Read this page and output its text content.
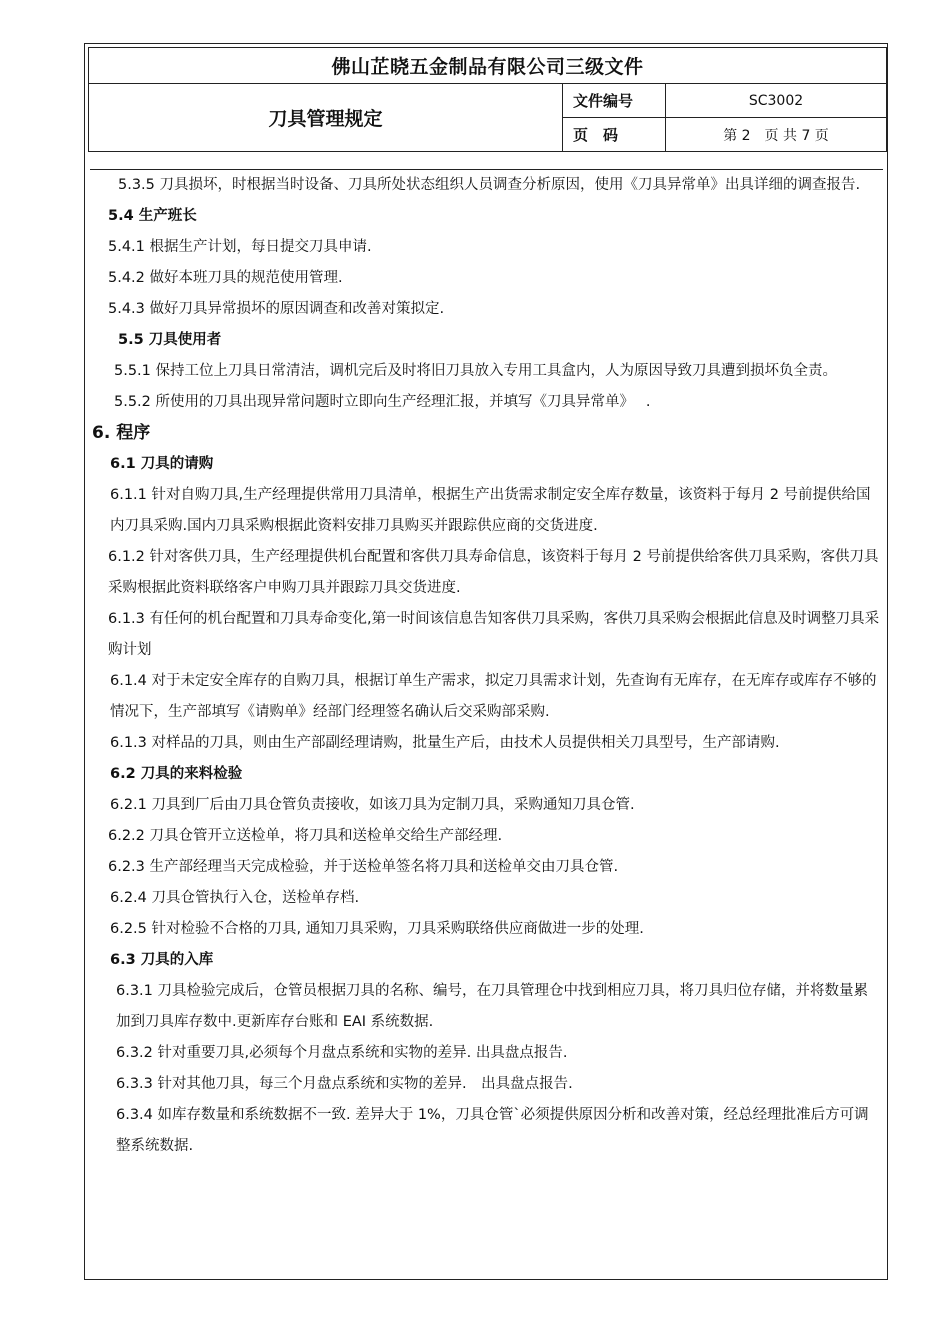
佛山芷晓五金制品有限公司三级文件		
刀具管理规定	文件编号	SC3002
	页　码	第 2　页 共 7 页

5.3.5 刀具损坏，时根据当时设备、刀具所处状态组织人员调查分析原因，使用《刀具异常单》出具详细的调查报告.

5.4 生产班长

5.4.1 根据生产计划，每日提交刀具申请.

5.4.2 做好本班刀具的规范使用管理.

5.4.3 做好刀具异常损坏的原因调查和改善对策拟定.

5.5 刀具使用者

5.5.1 保持工位上刀具日常清洁，调机完后及时将旧刀具放入专用工具盒内，人为原因导致刀具遭到损坏负全责。

5.5.2 所使用的刀具出现异常问题时立即向生产经理汇报，并填写《刀具异常单》　 .

6. 程序

6.1 刀具的请购

6.1.1 针对自购刀具,生产经理提供常用刀具清单，根据生产出货需求制定安全库存数量，该资料于每月 2 号前提供给国内刀具采购.国内刀具采购根据此资料安排刀具购买并跟踪供应商的交货进度.

6.1.2 针对客供刀具，生产经理提供机台配置和客供刀具寿命信息，该资料于每月 2 号前提供给客供刀具采购，客供刀具采购根据此资料联络客户申购刀具并跟踪刀具交货进度.

6.1.3 有任何的机台配置和刀具寿命变化,第一时间该信息告知客供刀具采购，客供刀具采购会根据此信息及时调整刀具采购计划

6.1.4 对于未定安全库存的自购刀具，根据订单生产需求，拟定刀具需求计划，先查询有无库存，在无库存或库存不够的情况下，生产部填写《请购单》经部门经理签名确认后交采购部采购.

6.1.3 对样品的刀具，则由生产部副经理请购，批量生产后，由技术人员提供相关刀具型号，生产部请购.

6.2 刀具的来料检验

6.2.1 刀具到厂后由刀具仓管负责接收，如该刀具为定制刀具，采购通知刀具仓管.

6.2.2 刀具仓管开立送检单，将刀具和送检单交给生产部经理.

6.2.3 生产部经理当天完成检验，并于送检单签名将刀具和送检单交由刀具仓管.

6.2.4 刀具仓管执行入仓，送检单存档.

6.2.5 针对检验不合格的刀具, 通知刀具采购，刀具采购联络供应商做进一步的处理.

6.3 刀具的入库

6.3.1 刀具检验完成后，仓管员根据刀具的名称、编号，在刀具管理仓中找到相应刀具，将刀具归位存储，并将数量累加到刀具库存数中.更新库存台账和 EAI 系统数据.

6.3.2 针对重要刀具,必须每个月盘点系统和实物的差异. 出具盘点报告.

6.3.3 针对其他刀具，每三个月盘点系统和实物的差异.　出具盘点报告.

6.3.4 如库存数量和系统数据不一致. 差异大于 1%，刀具仓管`必须提供原因分析和改善对策，经总经理批准后方可调整系统数据.
